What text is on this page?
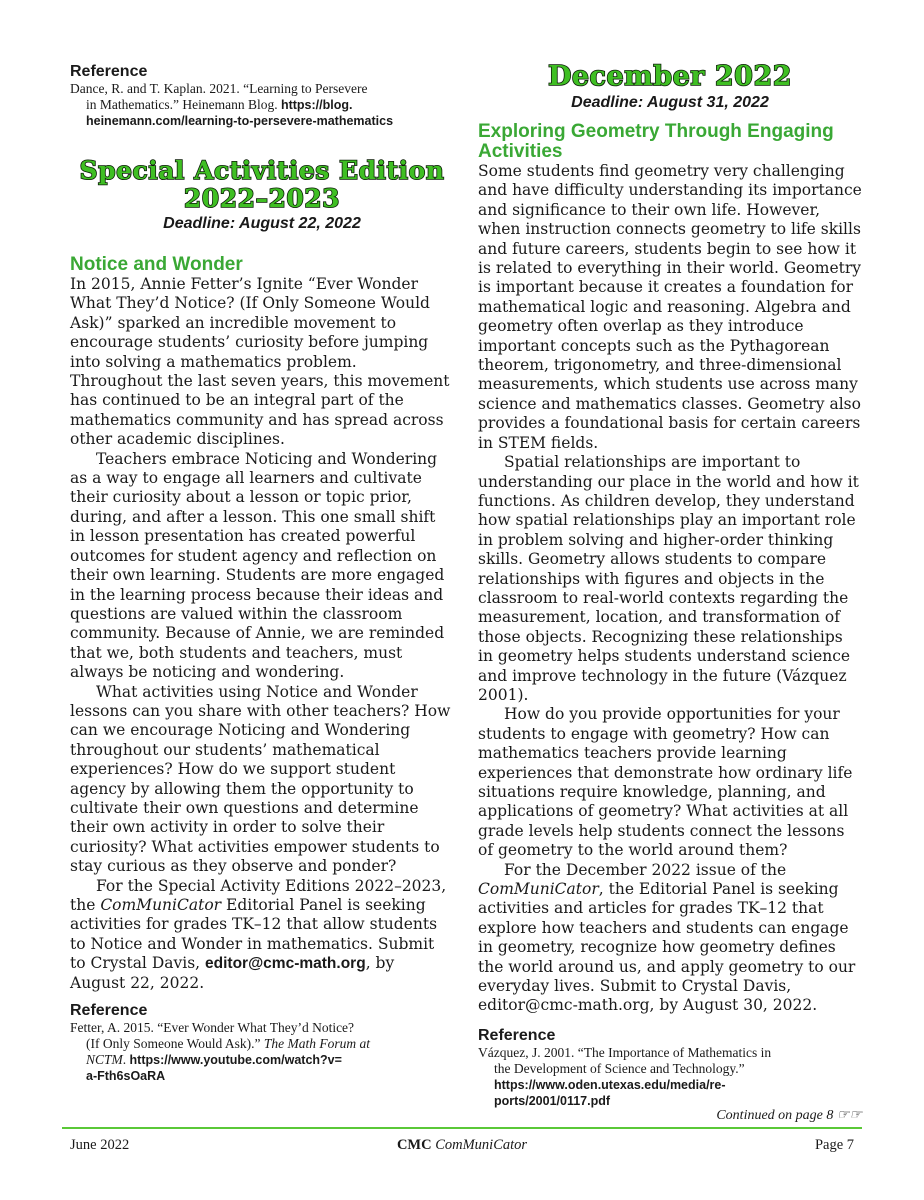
Reference

Dance, R. and T. Kaplan. 2021. “Learning to Persevere
in Mathematics.” Heinemann Blog. https://blog.
heinemann.com/learning-to-persevere-mathematics

Special Activities Edition

2022–2023

Deadline: August 22, 2022

Notice and Wonder

In 2015, Annie Fetter’s Ignite “Ever Wonder What They’d Notice? (If Only Someone Would Ask)” sparked an incredible movement to encourage students’ curiosity before jumping into solving a mathematics problem. Throughout the last seven years, this movement has continued to be an integral part of the mathematics community and has spread across other academic disciplines.

Teachers embrace Noticing and Wondering as a way to engage all learners and cultivate their curiosity about a lesson or topic prior, during, and after a lesson. This one small shift in lesson presentation has created powerful outcomes for student agency and reflection on their own learning. Students are more engaged in the learning process because their ideas and questions are valued within the classroom community. Because of Annie, we are reminded that we, both students and teachers, must always be noticing and wondering.

What activities using Notice and Wonder lessons can you share with other teachers? How can we encourage Noticing and Wondering throughout our students’ mathematical experiences? How do we support student agency by allowing them the opportunity to cultivate their own questions and determine their own activity in order to solve their curiosity? What activities empower students to stay curious as they observe and ponder?

For the Special Activity Editions 2022–2023, the ComMuniCator Editorial Panel is seeking activities for grades TK–12 that allow students to Notice and Wonder in mathematics. Submit to Crystal Davis, editor@cmc-math.org, by August 22, 2022.

Reference

Fetter, A. 2015. “Ever Wonder What They’d Notice?
(If Only Someone Would Ask).” The Math Forum at
NCTM. https://www.youtube.com/watch?v=
a-Fth6sOaRA

December 2022

Deadline: August 31, 2022

Exploring Geometry Through Engaging Activities

Some students find geometry very challenging and have difficulty understanding its importance and significance to their own life. However, when instruction connects geometry to life skills and future careers, students begin to see how it is related to everything in their world. Geometry is important because it creates a foundation for mathematical logic and reasoning. Algebra and geometry often overlap as they introduce important concepts such as the Pythagorean theorem, trigonometry, and three-dimensional measurements, which students use across many science and mathematics classes. Geometry also provides a foundational basis for certain careers in STEM fields.

Spatial relationships are important to understanding our place in the world and how it functions. As children develop, they understand how spatial relationships play an important role in problem solving and higher-order thinking skills. Geometry allows students to compare relationships with figures and objects in the classroom to real-world contexts regarding the measurement, location, and transformation of those objects. Recognizing these relationships in geometry helps students understand science and improve technology in the future (Vázquez 2001).

How do you provide opportunities for your students to engage with geometry? How can mathematics teachers provide learning experiences that demonstrate how ordinary life situations require knowledge, planning, and applications of geometry? What activities at all grade levels help students connect the lessons of geometry to the world around them?

For the December 2022 issue of the ComMuniCator, the Editorial Panel is seeking activities and articles for grades TK–12 that explore how teachers and students can engage in geometry, recognize how geometry defines the world around us, and apply geometry to our everyday lives. Submit to Crystal Davis, editor@cmc-math.org, by August 30, 2022.

Reference

Vázquez, J. 2001. “The Importance of Mathematics in
the Development of Science and Technology.”
https://www.oden.utexas.edu/media/re-
ports/2001/0117.pdf

Continued on page 8 ☞☞
June 2022	CMC ComMuniCator	Page 7
